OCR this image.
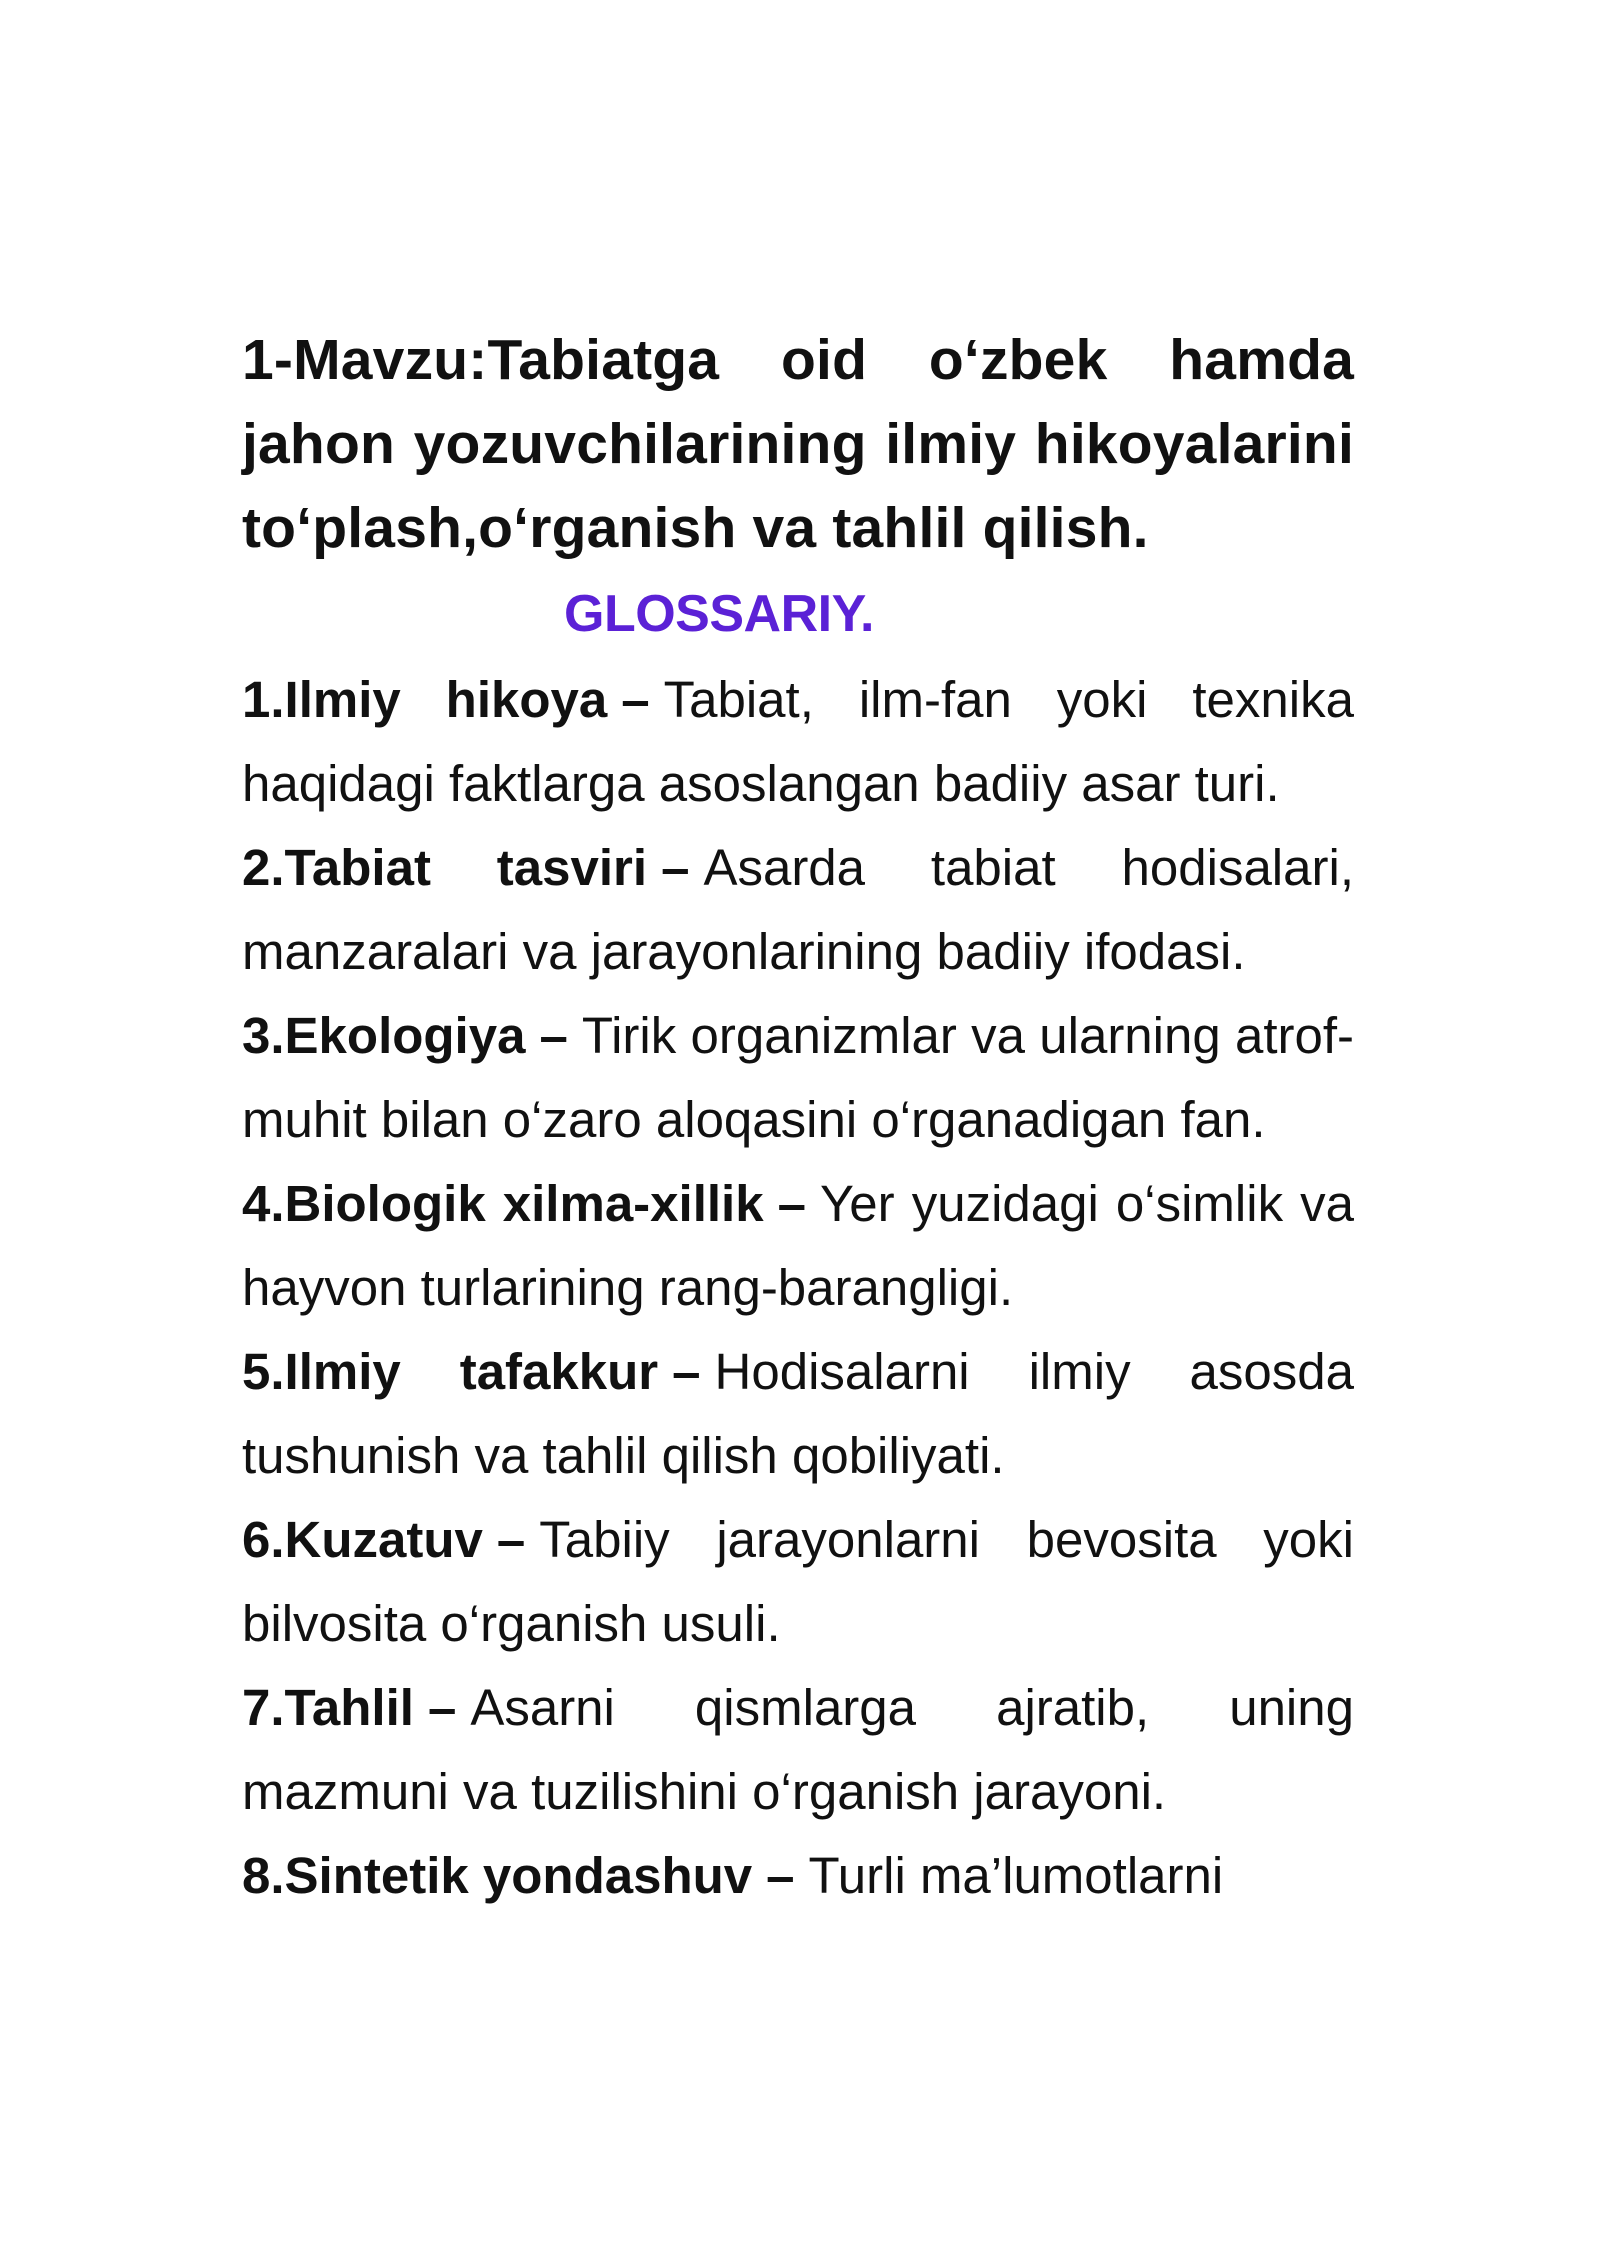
1-Mavzu:Tabiatga oid o‘zbek hamda jahon yozuvchilarining ilmiy hikoyalarini to‘plash,o‘rganish va tahlil qilish.
GLOSSARIY.
1.Ilmiy hikoya – Tabiat, ilm-fan yoki texnika haqidagi faktlarga asoslangan badiiy asar turi.
2.Tabiat tasviri – Asarda tabiat hodisalari, manzaralari va jarayonlarining badiiy ifodasi.
3.Ekologiya – Tirik organizmlar va ularning atrof-muhit bilan o‘zaro aloqasini o‘rganadigan fan.
4.Biologik xilma-xillik – Yer yuzidagi o‘simlik va hayvon turlarining rang-barangligi.
5.Ilmiy tafakkur – Hodisalarni ilmiy asosda tushunish va tahlil qilish qobiliyati.
6.Kuzatuv – Tabiiy jarayonlarni bevosita yoki bilvosita o‘rganish usuli.
7.Tahlil – Asarni qismlarga ajratib, uning mazmuni va tuzilishini o‘rganish jarayoni.
8.Sintetik yondashuv – Turli ma’lumotlarni
